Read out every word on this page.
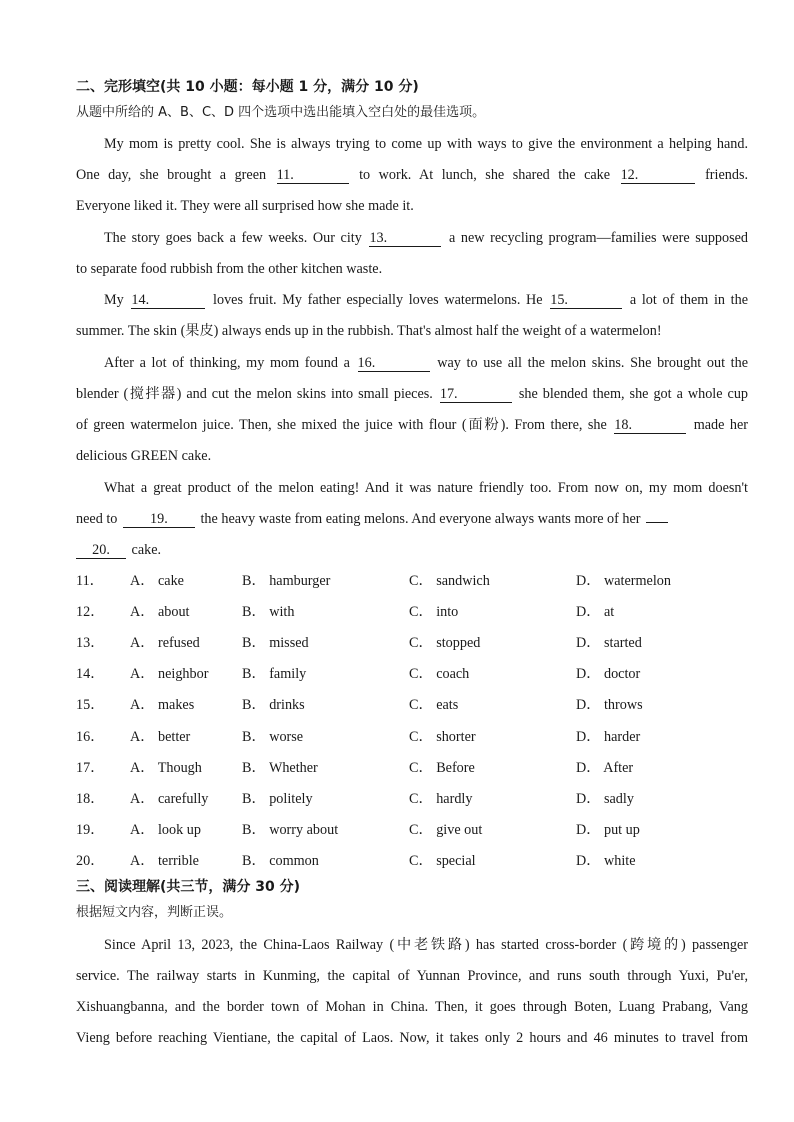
二、完形填空(共 10 小题：每小题 1 分，满分 10 分)
从题中所给的 A、B、C、D 四个选项中选出能填入空白处的最佳选项。
My mom is pretty cool. She is always trying to come up with ways to give the environment a helping hand.
One day, she brought a green 11.	to work. At lunch, she shared the cake 12.	friends.
Everyone liked it. They were all surprised how she made it.
The story goes back a few weeks. Our city 13.	a new recycling program—families were supposed
to separate food rubbish from the other kitchen waste.
My 14.	loves fruit. My father especially loves watermelons. He 15.	a lot of them in the
summer. The skin (果皮) always ends up in the rubbish. That's almost half the weight of a watermelon!
After a lot of thinking, my mom found a 16.	way to use all the melon skins. She brought out the
blender (搅拌器) and cut the melon skins into small pieces. 17.	she blended them, she got a whole cup
of green watermelon juice. Then, she mixed the juice with flour (面粉). From there, she 18.	made her
delicious GREEN cake.
What a great product of the melon eating! And it was nature friendly too. From now on, my mom doesn't
need to 19. the heavy waste from eating melons. And everyone always wants more of her
20. cake.
11． A． cake	B． hamburger	C． sandwich	D． watermelon
12． A． about	B． with	C． into	D． at
13． A． refused	B． missed	C． stopped	D． started
14． A． neighbor B． family	C． coach	D． doctor
15． A． makes	B． drinks	C． eats	D． throws
16． A． better	B． worse	C． shorter	D． harder
17． A． Though	B． Whether	C． Before	D． After
18． A． carefully B． politely	C． hardly	D． sadly
19． A． look up	B． worry about	C． give out	D． put up
20． A． terrible	B． common	C． special	D． white
三、阅读理解(共三节，满分 30 分)
根据短文内容，判断正误。
Since April 13, 2023, the China-Laos Railway (中老铁路) has started cross-border (跨境的) passenger
service. The railway starts in Kunming, the capital of Yunnan Province, and runs south through Yuxi, Pu'er,
Xishuangbanna, and the border town of Mohan in China. Then, it goes through Boten, Luang Prabang, Vang
Vieng before reaching Vientiane, the capital of Laos. Now, it takes only 2 hours and 46 minutes to travel from
